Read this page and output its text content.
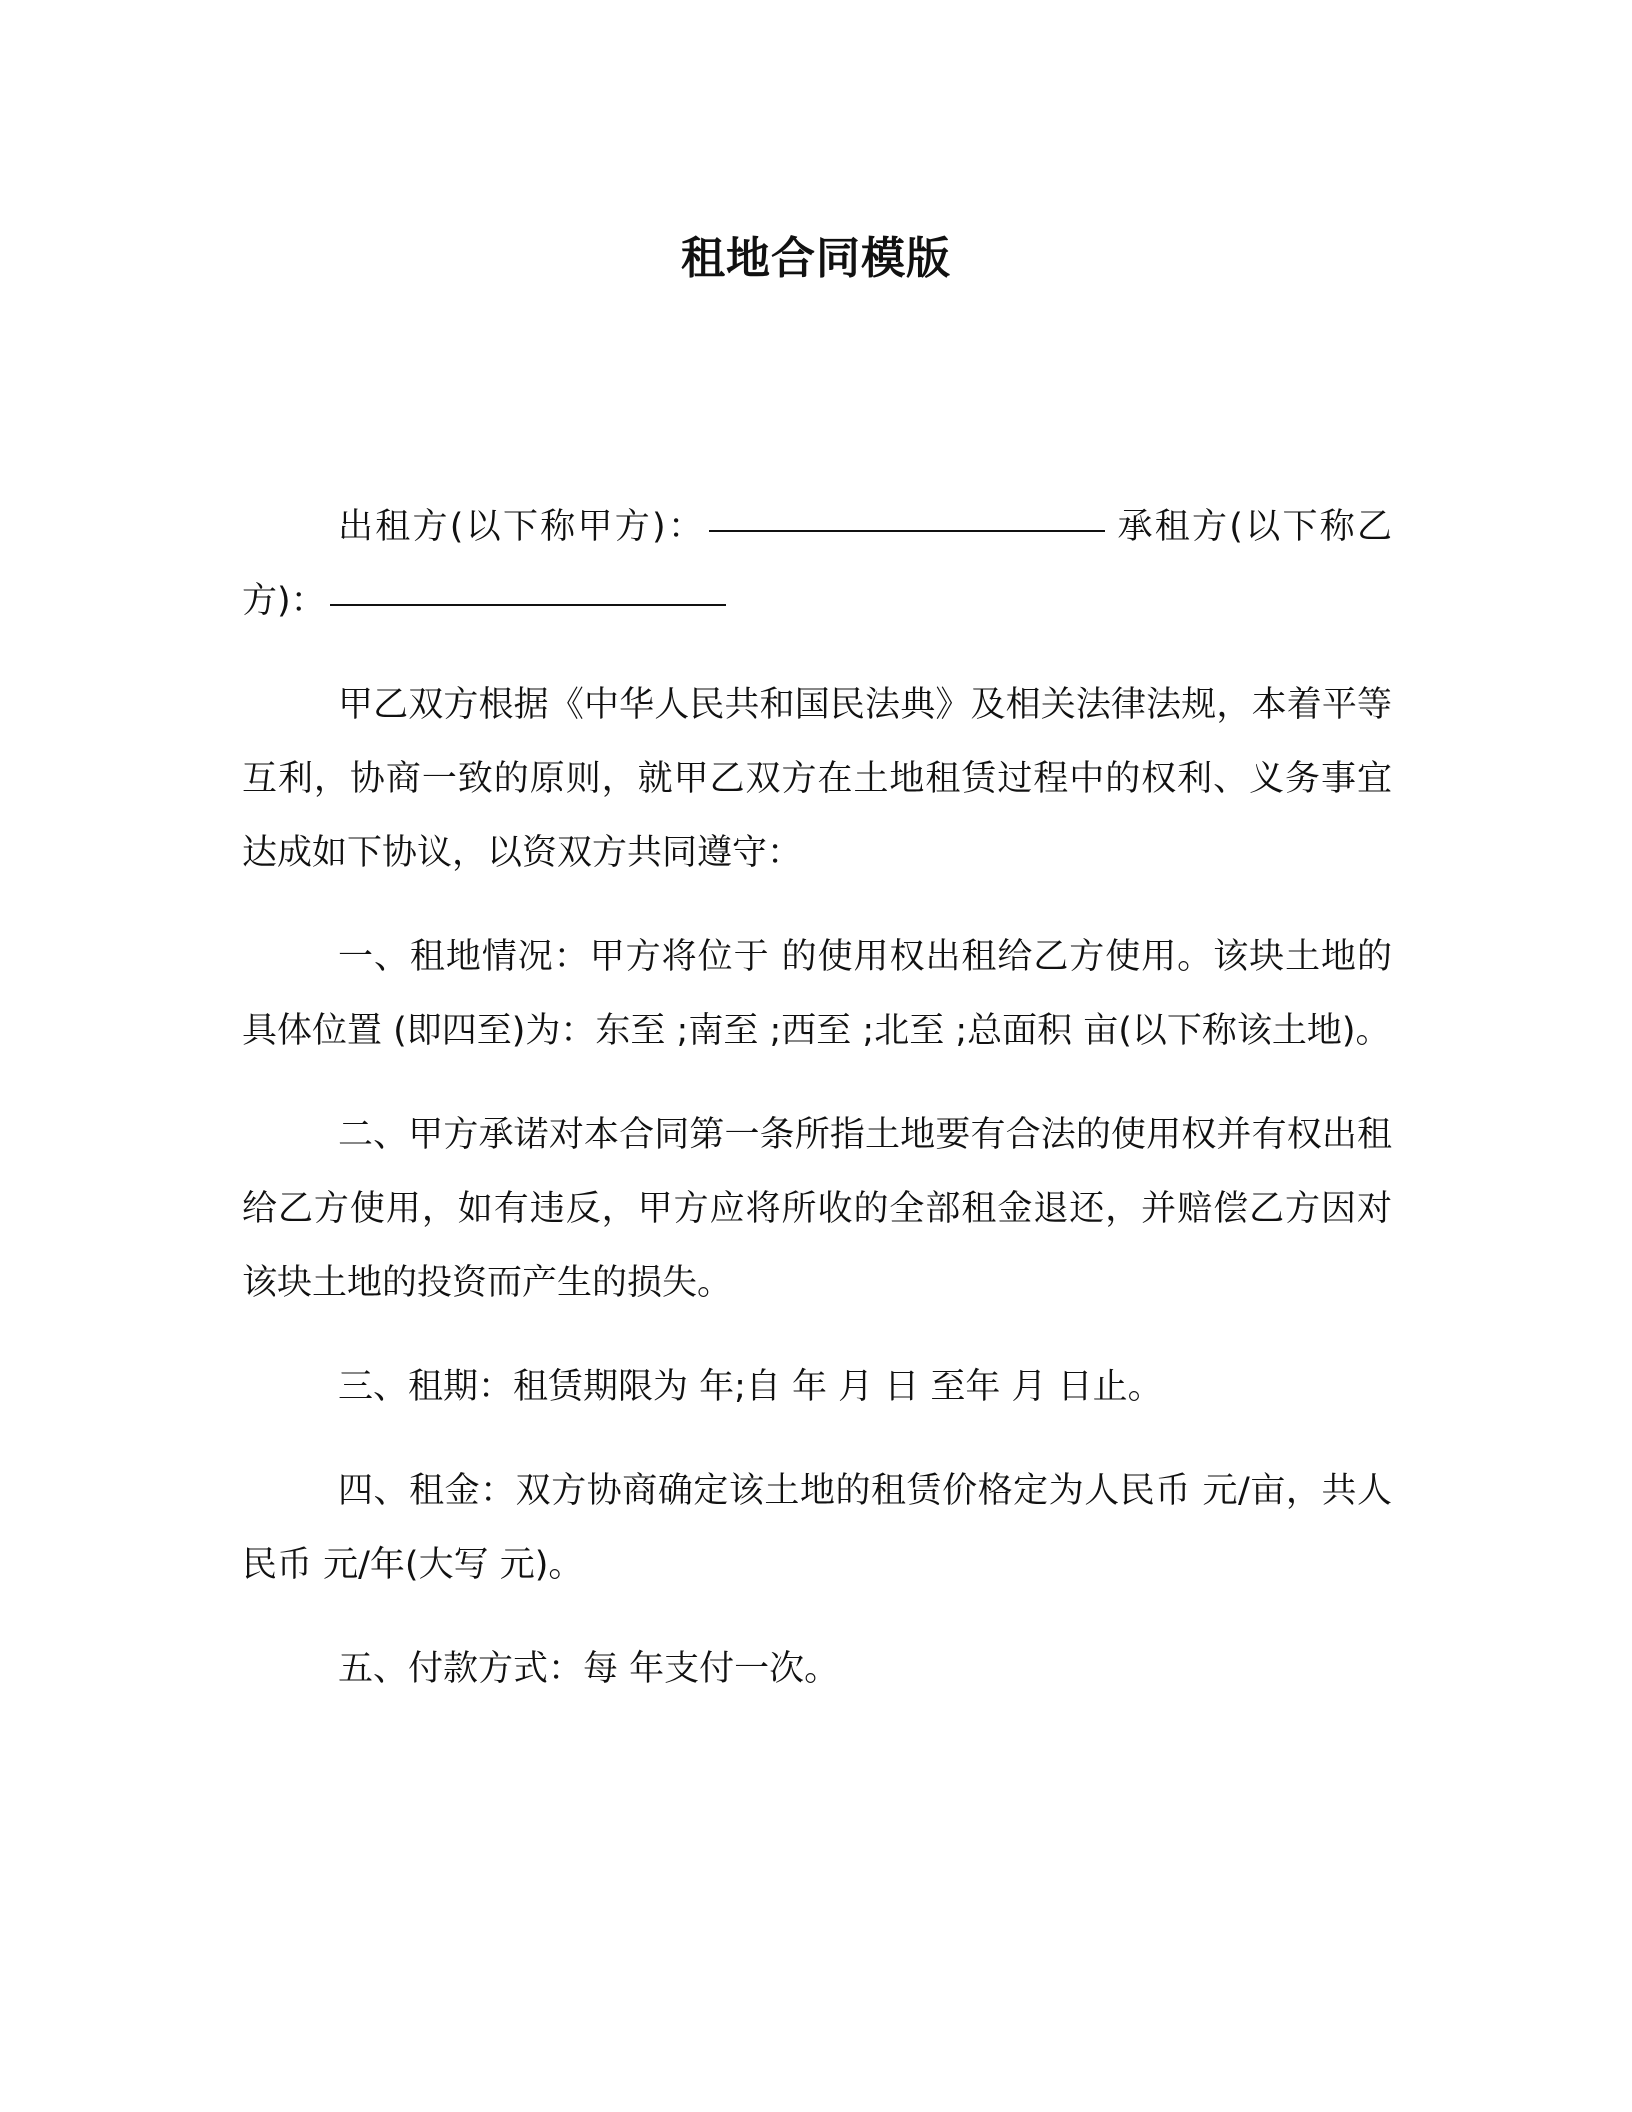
租地合同模版

出租方(以下称甲方)：	承租方(以下称乙方)：

甲乙双方根据《中华人民共和国民法典》及相关法律法规，本着平等互利，协商一致的原则，就甲乙双方在土地租赁过程中的权利、义务事宜达成如下协议，以资双方共同遵守：

一、租地情况：甲方将位于 的使用权出租给乙方使用。该块土地的具体位置 (即四至)为：东至 ;南至 ;西至 ;北至 ;总面积 亩(以下称该土地)。

二、甲方承诺对本合同第一条所指土地要有合法的使用权并有权出租给乙方使用，如有违反，甲方应将所收的全部租金退还，并赔偿乙方因对该块土地的投资而产生的损失。

三、租期：租赁期限为 年;自 年 月 日 至年 月 日止。

四、租金：双方协商确定该土地的租赁价格定为人民币 元/亩，共人民币 元/年(大写 元)。

五、付款方式：每 年支付一次。
